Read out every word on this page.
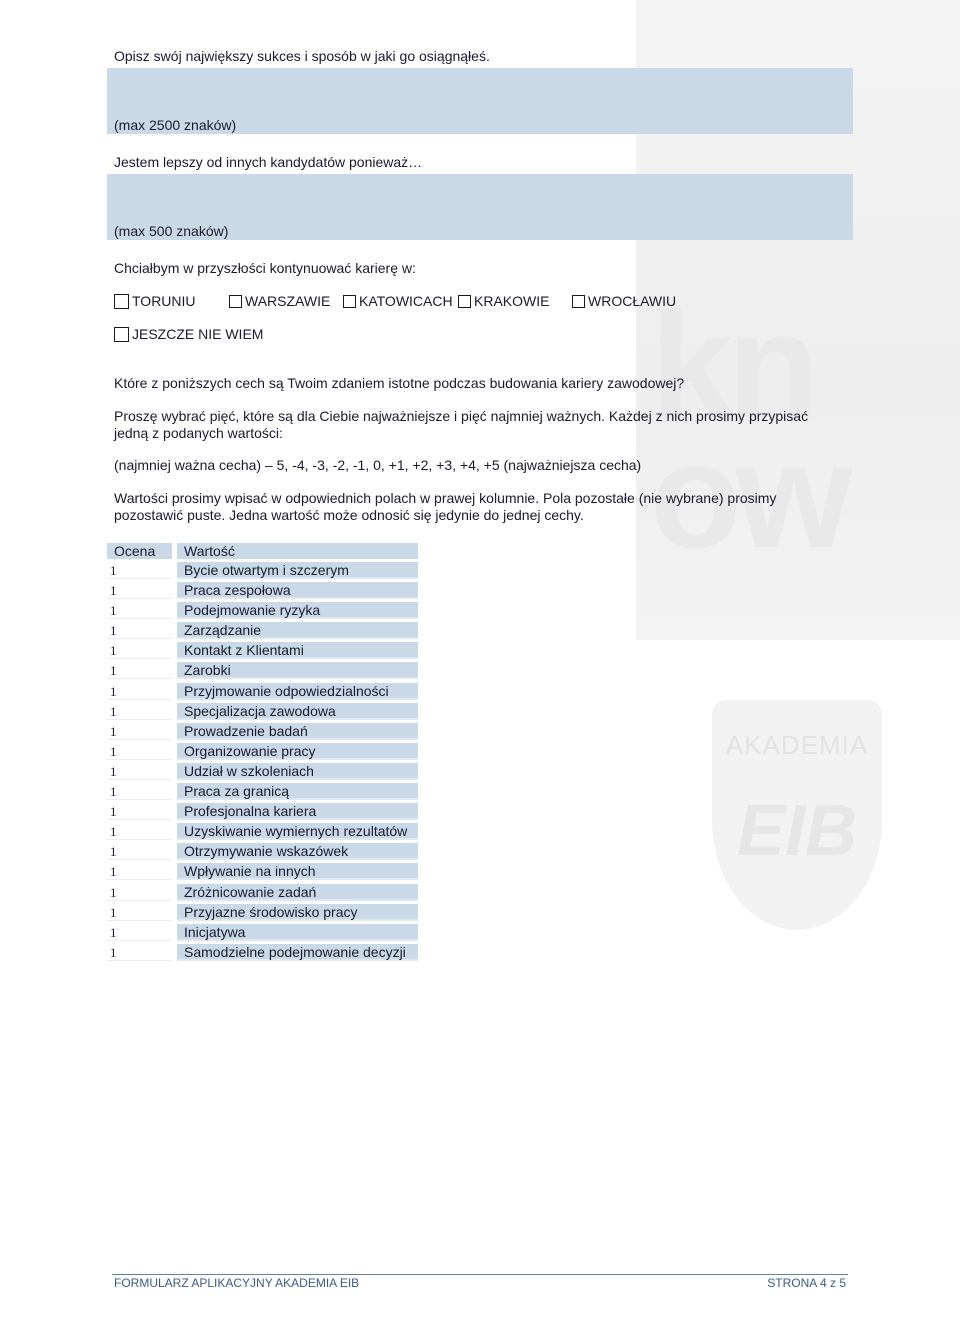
kn
ow
AKADEMIA
EIB
Opisz swój największy sukces i sposób w jaki go osiągnąłeś.
(max 2500 znaków)
Jestem lepszy od innych kandydatów ponieważ…
(max 500 znaków)
Chciałbym w przyszłości kontynuować karierę w:
TORUNIU	WARSZAWIE KATOWICACH KRAKOWIE	WROCŁAWIU
JESZCZE NIE WIEM
Które z poniższych cech są Twoim zdaniem istotne podczas budowania kariery zawodowej?
Proszę wybrać pięć, które są dla Ciebie najważniejsze i pięć najmniej ważnych. Każdej z nich prosimy przypisać jedną z podanych wartości:
(najmniej ważna cecha) – 5, -4, -3, -2, -1, 0, +1, +2, +3, +4, +5 (najważniejsza cecha)
Wartości prosimy wpisać w odpowiednich polach w prawej kolumnie. Pola pozostałe (nie wybrane) prosimy pozostawić puste. Jedna wartość może odnosić się jedynie do jednej cechy.
Ocena	Wartość
1	Bycie otwartym i szczerym
1	Praca zespołowa
1	Podejmowanie ryzyka
1	Zarządzanie
1	Kontakt z Klientami
1	Zarobki
1	Przyjmowanie odpowiedzialności
1	Specjalizacja zawodowa
1	Prowadzenie badań
1	Organizowanie pracy
1	Udział w szkoleniach
1	Praca za granicą
1	Profesjonalna kariera
1	Uzyskiwanie wymiernych rezultatów
1	Otrzymywanie wskazówek
1	Wpływanie na innych
1	Zróżnicowanie zadań
1	Przyjazne środowisko pracy
1	Inicjatywa
1	Samodzielne podejmowanie decyzji
FORMULARZ APLIKACYJNY AKADEMIA EIB	STRONA 4 z 5
